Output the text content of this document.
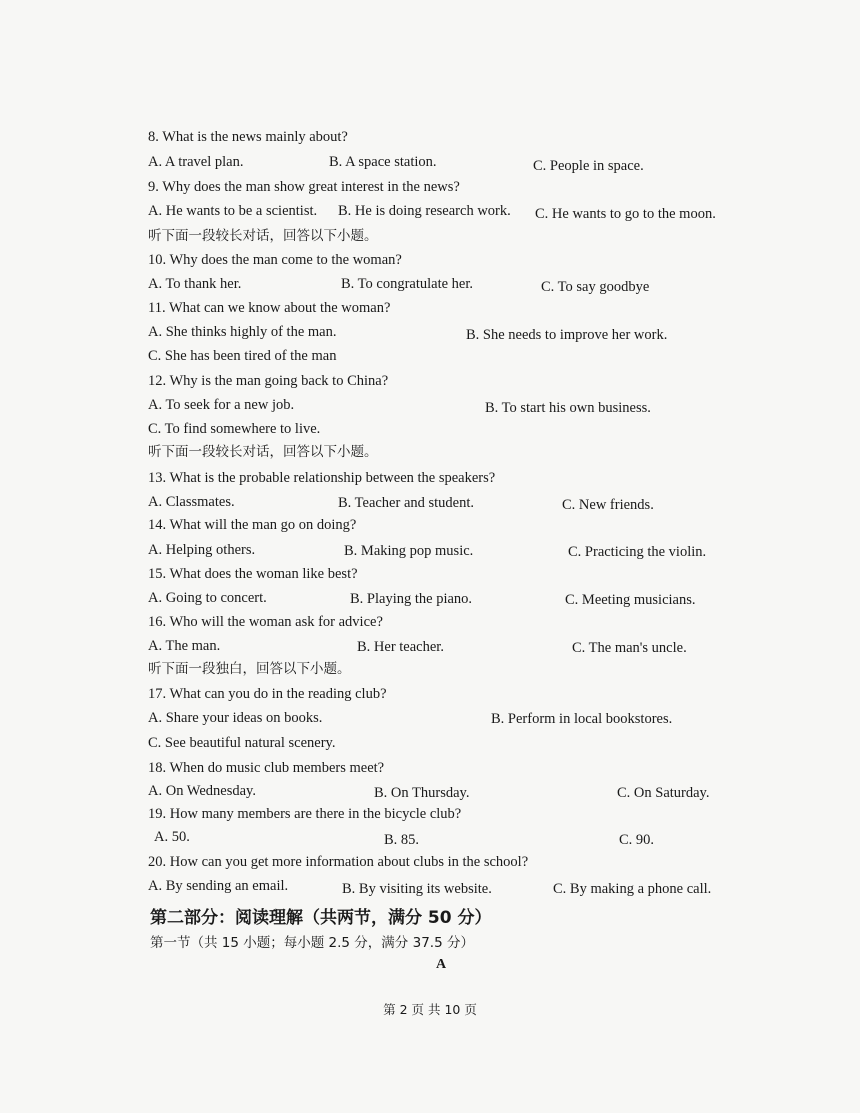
8. What is the news mainly about?
A. A travel plan.	B. A space station.	C. People in space.
9. Why does the man show great interest in the news?
A. He wants to be a scientist. B. He is doing research work. C. He wants to go to the moon.
听下面一段较长对话，回答以下小题。
10. Why does the man come to the woman?
A. To thank her.	B. To congratulate her.	C. To say goodbye
11. What can we know about the woman?
A. She thinks highly of the man.	B. She needs to improve her work.
C. She has been tired of the man
12. Why is the man going back to China?
A. To seek for a new job.	B. To start his own business.
C. To find somewhere to live.
听下面一段较长对话，回答以下小题。
13. What is the probable relationship between the speakers?
A. Classmates.	B. Teacher and student.	C. New friends.
14. What will the man go on doing?
A. Helping others.	B. Making pop music.	C. Practicing the violin.
15. What does the woman like best?
A. Going to concert.	B. Playing the piano.	C. Meeting musicians.
16. Who will the woman ask for advice?
A. The man.	B. Her teacher.	C. The man's uncle.
听下面一段独白，回答以下小题。
17. What can you do in the reading club?
A. Share your ideas on books.	B. Perform in local bookstores.
C. See beautiful natural scenery.
18. When do music club members meet?
A. On Wednesday.	B. On Thursday.	C. On Saturday.
19. How many members are there in the bicycle club?
A. 50.	B. 85.	C. 90.
20. How can you get more information about clubs in the school?
A. By sending an email.	B. By visiting its website.	C. By making a phone call.
第二部分：阅读理解（共两节，满分 50 分）
第一节（共 15 小题；每小题 2.5 分，满分 37.5 分）
A
第 2 页 共 10 页
